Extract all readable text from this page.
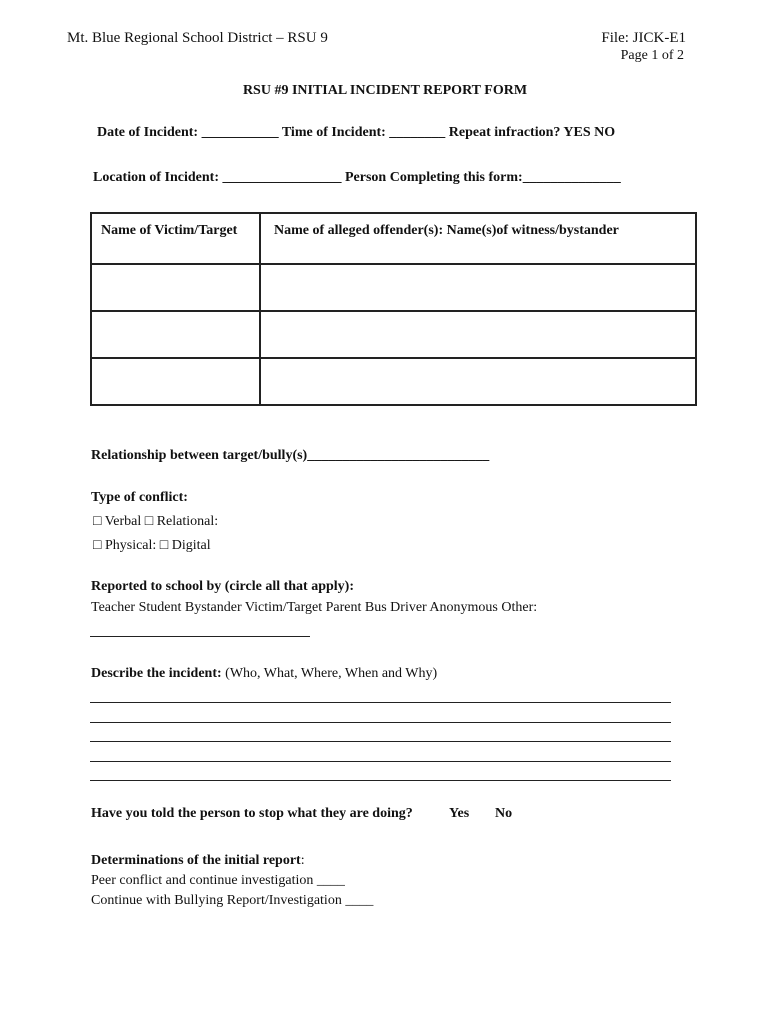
Mt. Blue Regional School District – RSU 9	File: JICK-E1
Page 1 of 2
RSU #9 INITIAL INCIDENT REPORT FORM
Date of Incident: ___________ Time of Incident: ________ Repeat infraction? YES NO
Location of Incident: _________________ Person Completing this form:______________
Name of Victim/Target	Name of alleged offender(s): Name(s)of witness/bystander

Relationship between target/bully(s)__________________________
Type of conflict:
□ Verbal □ Relational:
□ Physical: □ Digital
Reported to school by (circle all that apply):
Teacher Student Bystander Victim/Target Parent Bus Driver Anonymous Other:
Describe the incident: (Who, What, Where, When and Why)
Have you told the person to stop what they are doing?	Yes No
Determinations of the initial report:
Peer conflict and continue investigation ____
Continue with Bullying Report/Investigation ____
